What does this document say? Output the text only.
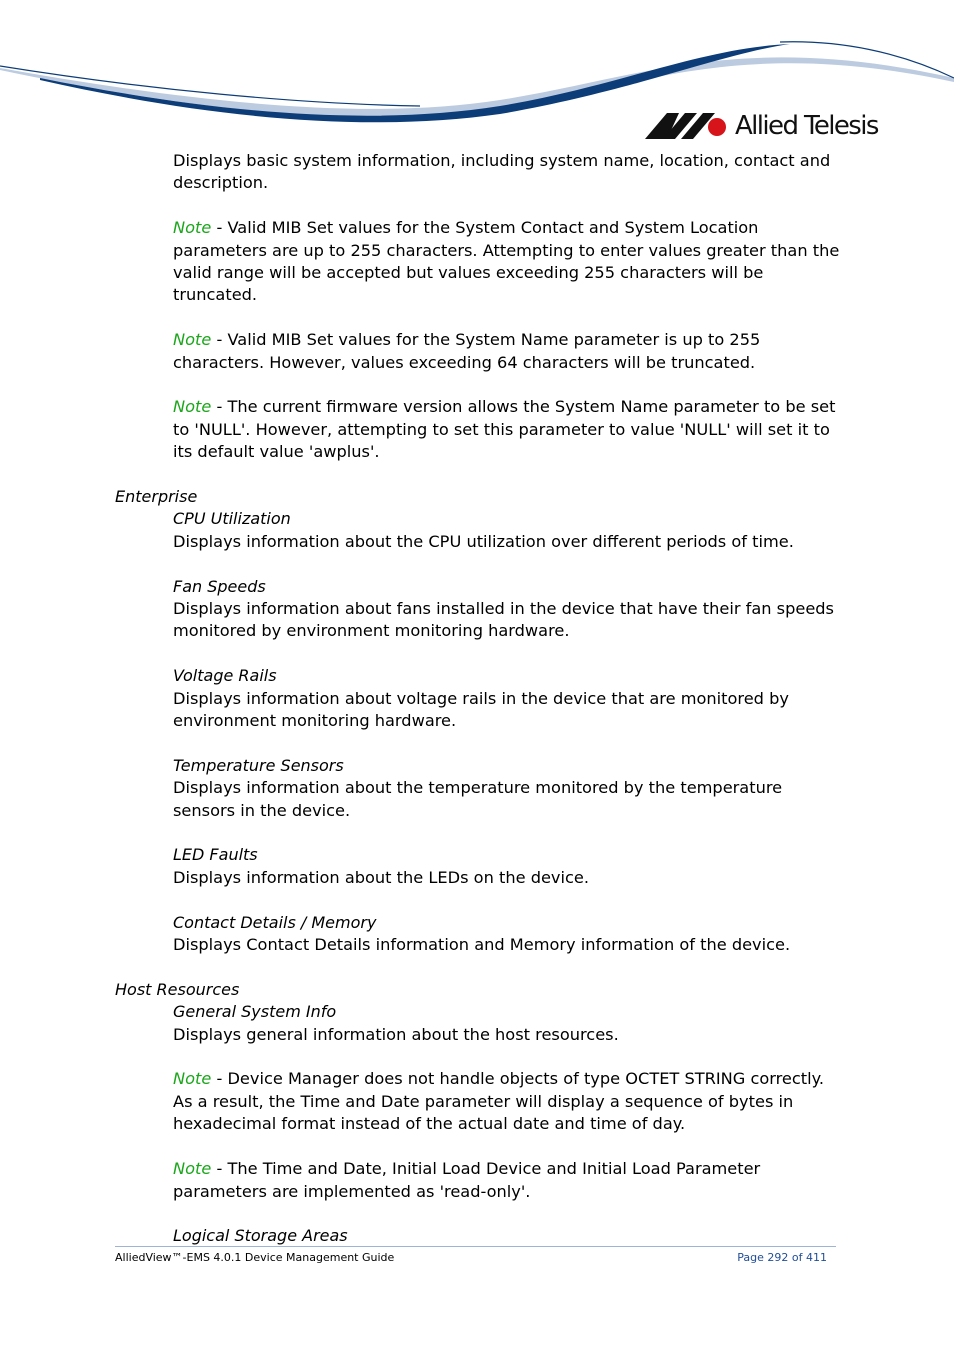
Allied Telesis

Displays basic system information, including system name, location, contact and description.

Note - Valid MIB Set values for the System Contact and System Location parameters are up to 255 characters. Attempting to enter values greater than the valid range will be accepted but values exceeding 255 characters will be truncated.

Note - Valid MIB Set values for the System Name parameter is up to 255 characters. However, values exceeding 64 characters will be truncated.

Note - The current firmware version allows the System Name parameter to be set to 'NULL'. However, attempting to set this parameter to value 'NULL' will set it to its default value 'awplus'.

Enterprise

CPU Utilization

Displays information about the CPU utilization over different periods of time.

Fan Speeds

Displays information about fans installed in the device that have their fan speeds monitored by environment monitoring hardware.

Voltage Rails

Displays information about voltage rails in the device that are monitored by environment monitoring hardware.

Temperature Sensors

Displays information about the temperature monitored by the temperature sensors in the device.

LED Faults

Displays information about the LEDs on the device.

Contact Details / Memory

Displays Contact Details information and Memory information of the device.

Host Resources

General System Info

Displays general information about the host resources.

Note - Device Manager does not handle objects of type OCTET STRING correctly. As a result, the Time and Date parameter will display a sequence of bytes in hexadecimal format instead of the actual date and time of day.

Note - The Time and Date, Initial Load Device and Initial Load Parameter parameters are implemented as 'read-only'.

Logical Storage Areas

AlliedView™-EMS 4.0.1 Device Management Guide	Page 292 of 411
